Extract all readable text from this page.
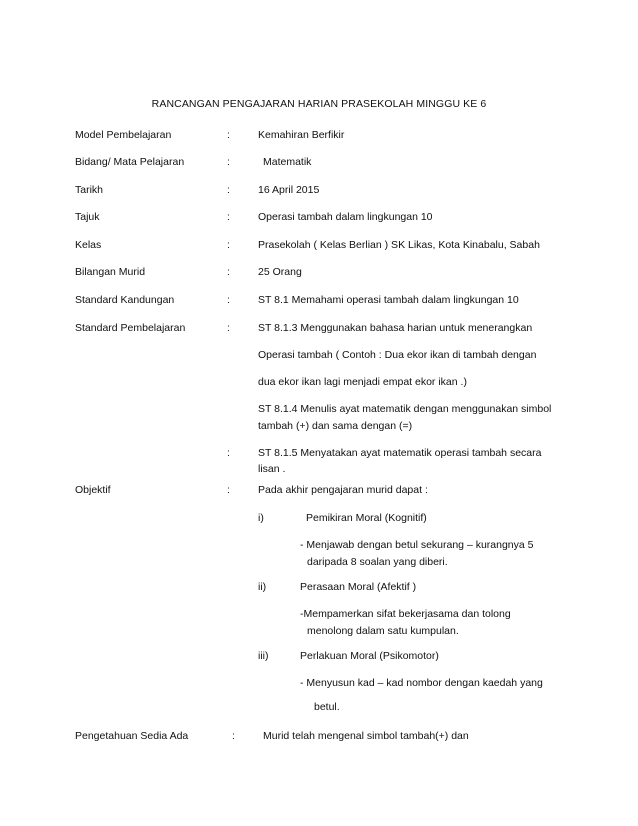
RANCANGAN PENGAJARAN HARIAN PRASEKOLAH MINGGU KE 6
Model Pembelajaran	:	Kemahiran Berfikir
Bidang/ Mata Pelajaran	:	Matematik
Tarikh	:	16 April 2015
Tajuk	:	Operasi tambah dalam lingkungan 10
Kelas	:	Prasekolah ( Kelas Berlian ) SK Likas, Kota Kinabalu, Sabah
Bilangan Murid	:	25 Orang
Standard Kandungan	:	ST 8.1 Memahami operasi tambah dalam lingkungan 10
Standard Pembelajaran	:	ST 8.1.3 Menggunakan bahasa harian untuk menerangkan
Operasi tambah ( Contoh : Dua ekor ikan di tambah dengan
dua ekor ikan lagi menjadi empat ekor ikan .)
ST 8.1.4 Menulis ayat matematik dengan menggunakan simbol
tambah (+) dan sama dengan (=)
:	ST 8.1.5 Menyatakan ayat matematik operasi tambah secara
lisan .
Objektif	:	Pada akhir pengajaran murid dapat :
i)	Pemikiran Moral (Kognitif)
- Menjawab dengan betul sekurang – kurangnya 5
daripada 8 soalan yang diberi.
ii)	Perasaan Moral (Afektif )
-Mempamerkan sifat bekerjasama dan tolong
menolong dalam satu kumpulan.
iii)	Perlakuan Moral (Psikomotor)
- Menyusun kad – kad nombor dengan kaedah yang
betul.
Pengetahuan Sedia Ada	:	Murid telah mengenal simbol tambah(+) dan
